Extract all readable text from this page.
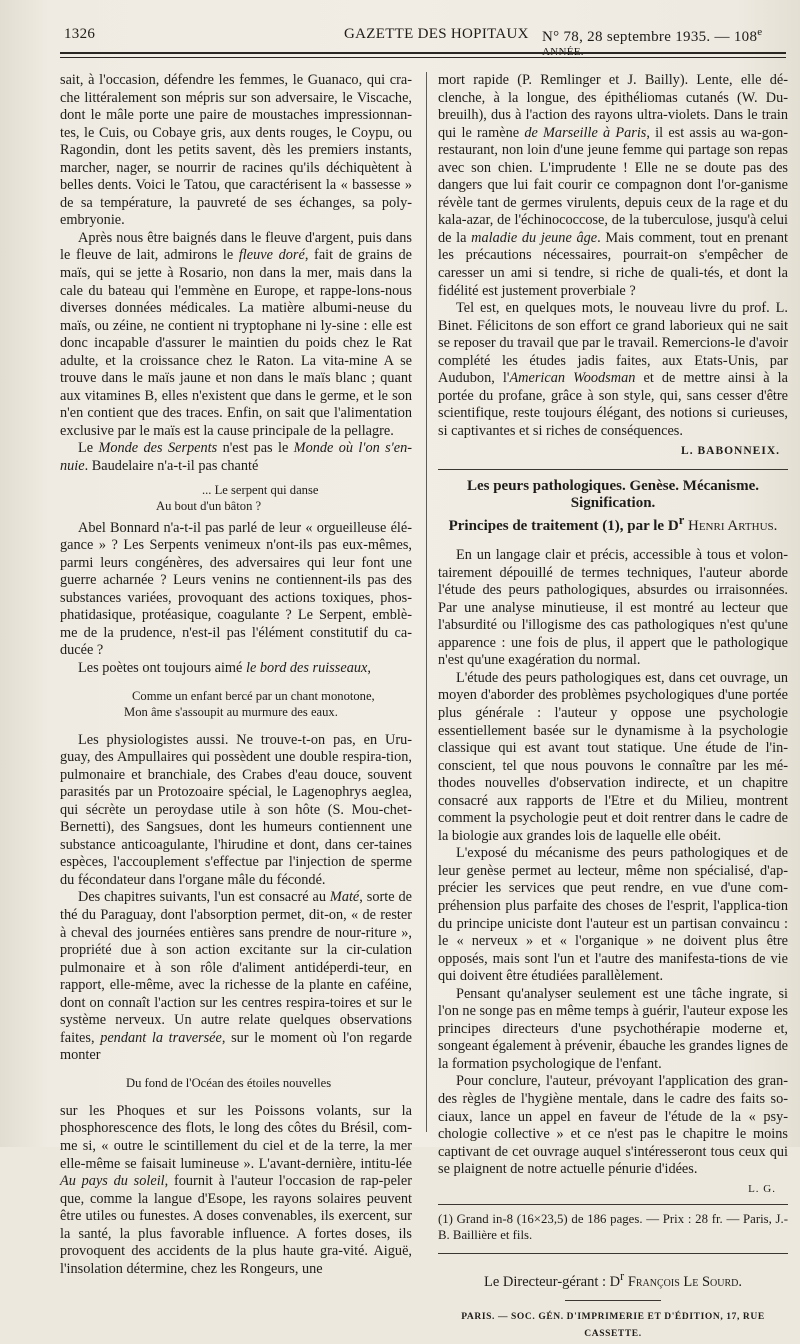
1326	GAZETTE DES HOPITAUX N° 78, 28 septembre 1935. — $108^{e ANNÉE.}$

sait, à l'occasion, défendre les femmes, le Guanaco, qui cra-che littéralement son mépris sur son adversaire, le Viscache, dont le mâle porte une paire de moustaches impressionnan-tes, le Cuis, ou Cobaye gris, aux dents rouges, le Coypu, ou Ragondin, dont les petits savent, dès les premiers instants, marcher, nager, se nourrir de racines qu'ils déchiquètent à belles dents. Voici le Tatou, que caractérisent la « bassesse » de sa température, la pauvreté de ses échanges, sa poly-embryonie.

Après nous être baignés dans le fleuve d'argent, puis dans le fleuve de lait, admirons le fleuve doré, fait de grains de maïs, qui se jette à Rosario, non dans la mer, mais dans la cale du bateau qui l'emmène en Europe, et rappe-lons-nous diverses données médicales. La matière albumi-neuse du maïs, ou zéine, ne contient ni tryptophane ni ly-sine : elle est donc incapable d'assurer le maintien du poids chez le Rat adulte, et la croissance chez le Raton. La vita-mine A se trouve dans le maïs jaune et non dans le maïs blanc ; quant aux vitamines B, elles n'existent que dans le germe, et le son n'en contient que des traces. Enfin, on sait que l'alimentation exclusive par le maïs est la cause principale de la pellagre.

Le Monde des Serpents n'est pas le Monde où l'on s'en-nuie. Baudelaire n'a-t-il pas chanté

... Le serpent qui danse
Au bout d'un bâton ?

Abel Bonnard n'a-t-il pas parlé de leur « orgueilleuse élé-gance » ? Les Serpents venimeux n'ont-ils pas eux-mêmes, parmi leurs congénères, des adversaires qui leur font une guerre acharnée ? Leurs venins ne contiennent-ils pas des substances variées, provoquant des actions toxiques, phos-phatidasique, protéasique, coagulante ? Le Serpent, emblè-me de la prudence, n'est-il pas l'élément constitutif du ca-ducée ?

Les poètes ont toujours aimé le bord des ruisseaux,

Comme un enfant bercé par un chant monotone,
Mon âme s'assoupit au murmure des eaux.

Les physiologistes aussi. Ne trouve-t-on pas, en Uru-guay, des Ampullaires qui possèdent une double respira-tion, pulmonaire et branchiale, des Crabes d'eau douce, souvent parasités par un Protozoaire spécial, le Lagenophrys aeglea, qui sécrète un peroydase utile à son hôte (S. Mou-chet-Bernetti), des Sangsues, dont les humeurs contiennent une substance anticoagulante, l'hirudine et dont, dans cer-taines espèces, l'accouplement s'effectue par l'injection de sperme du fécondateur dans l'organe mâle du fécondé.

Des chapitres suivants, l'un est consacré au Maté, sorte de thé du Paraguay, dont l'absorption permet, dit-on, « de rester à cheval des journées entières sans prendre de nour-riture », propriété due à son action excitante sur la cir-culation pulmonaire et à son rôle d'aliment antidéperdi-teur, en rapport, elle-même, avec la richesse de la plante en caféine, dont on connaît l'action sur les centres respira-toires et sur le système nerveux. Un autre relate quelques observations faites, pendant la traversée, sur le moment où l'on regarde monter

Du fond de l'Océan des étoiles nouvelles

sur les Phoques et sur les Poissons volants, sur la phosphorescence des flots, le long des côtes du Brésil, com-me si, « outre le scintillement du ciel et de la terre, la mer elle-même se faisait lumineuse ». L'avant-dernière, intitu-lée Au pays du soleil, fournit à l'auteur l'occasion de rap-peler que, comme la langue d'Esope, les rayons solaires peuvent être utiles ou funestes. A doses convenables, ils exercent, sur la santé, la plus favorable influence. A fortes doses, ils provoquent des accidents de la plus haute gra-vité. Aiguë, l'insolation détermine, chez les Rongeurs, une

mort rapide (P. Remlinger et J. Bailly). Lente, elle dé-clenche, à la longue, des épithéliomas cutanés (W. Du-breuilh), dus à l'action des rayons ultra-violets. Dans le train qui le ramène de Marseille à Paris, il est assis au wa-gon-restaurant, non loin d'une jeune femme qui partage son repas avec son chien. L'imprudente ! Elle ne se doute pas des dangers que lui fait courir ce compagnon dont l'or-ganisme révèle tant de germes virulents, depuis ceux de la rage et du kala-azar, de l'échinococcose, de la tuberculose, jusqu'à celui de la maladie du jeune âge. Mais comment, tout en prenant les précautions nécessaires, pourrait-on s'empêcher de caresser un ami si tendre, si riche de quali-tés, et dont la fidélité est justement proverbiale ?

Tel est, en quelques mots, le nouveau livre du prof. L. Binet. Félicitons de son effort ce grand laborieux qui ne sait se reposer du travail que par le travail. Remercions-le d'avoir complété les études jadis faites, aux Etats-Unis, par Audubon, l'American Woodsman et de mettre ainsi à la portée du profane, grâce à son style, qui, sans cesser d'être scientifique, reste toujours élégant, des notions si curieuses, si captivantes et si riches de conséquences.

L. BABONNEIX.
Les peurs pathologiques. Genèse. Mécanisme. Signification.
Principes de traitement (1), par le $D^r$ Henri Arthus.

En un langage clair et précis, accessible à tous et volon-tairement dépouillé de termes techniques, l'auteur aborde l'étude des peurs pathologiques, absurdes ou irraisonnées. Par une analyse minutieuse, il est montré au lecteur que l'absurdité ou l'illogisme des cas pathologiques n'est qu'une apparence : une fois de plus, il appert que le pathologique n'est qu'une exagération du normal.

L'étude des peurs pathologiques est, dans cet ouvrage, un moyen d'aborder des problèmes psychologiques d'une portée plus générale : l'auteur y oppose une psychologie essentiellement basée sur le dynamisme à la psychologie classique qui est avant tout statique. Une étude de l'in-conscient, tel que nous pouvons le connaître par les mé-thodes nouvelles d'observation indirecte, et un chapitre consacré aux rapports de l'Etre et du Milieu, montrent comment la psychologie peut et doit rentrer dans le cadre de la biologie aux grandes lois de laquelle elle obéit.

L'exposé du mécanisme des peurs pathologiques et de leur genèse permet au lecteur, même non spécialisé, d'ap-précier les services que peut rendre, en vue d'une com-préhension plus parfaite des choses de l'esprit, l'applica-tion du principe uniciste dont l'auteur est un partisan convaincu : le « nerveux » et « l'organique » ne doivent plus être opposés, mais sont l'un et l'autre des manifesta-tions de vie qui doivent être étudiées parallèlement.

Pensant qu'analyser seulement est une tâche ingrate, si l'on ne songe pas en même temps à guérir, l'auteur expose les principes directeurs d'une psychothérapie moderne et, songeant également à prévenir, ébauche les grandes lignes de la formation psychologique de l'enfant.

Pour conclure, l'auteur, prévoyant l'application des gran-des règles de l'hygiène mentale, dans le cadre des faits so-ciaux, lance un appel en faveur de l'étude de la « psy-chologie collective » et ce n'est pas le chapitre le moins captivant de cet ouvrage auquel s'intéresseront tous ceux qui se plaignent de notre actuelle pénurie d'idées.

L. G.

(1) Grand in-8 (16×23,5) de 186 pages. — Prix : 28 fr. — Paris, J.-B. Baillière et fils.

Le Directeur-gérant : $D^r$ François Le Sourd.
PARIS. — SOC. GÉN. D'IMPRIMERIE ET D'ÉDITION, 17, RUE CASSETTE.
